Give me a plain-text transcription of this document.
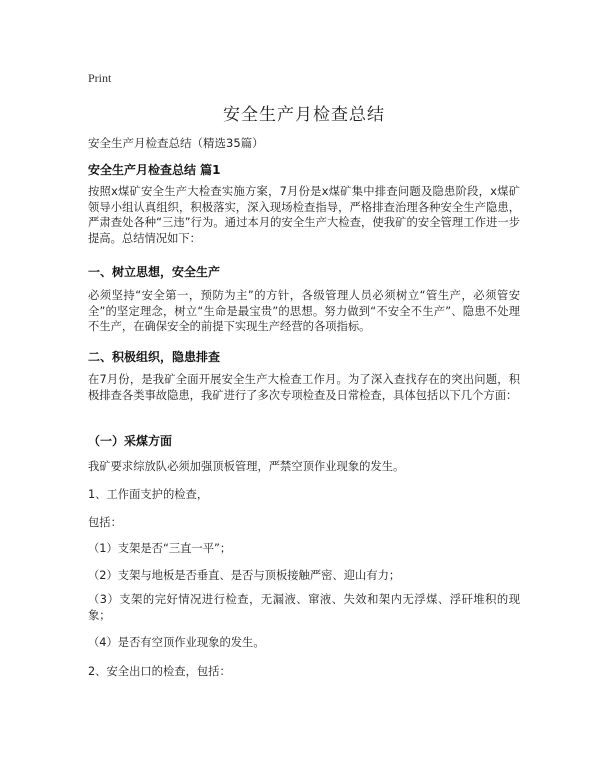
Print
安全生产月检查总结
安全生产月检查总结（精选35篇）
安全生产月检查总结 篇1
按照x煤矿安全生产大检查实施方案，7月份是x煤矿集中排查问题及隐患阶段，x煤矿领导小组认真组织，积极落实，深入现场检查指导，严格排查治理各种安全生产隐患，严肃查处各种“三违”行为。通过本月的安全生产大检查，使我矿的安全管理工作进一步提高。总结情况如下：
一、树立思想，安全生产
必须坚持“安全第一，预防为主”的方针，各级管理人员必须树立“管生产，必须管安全”的坚定理念，树立“生命是最宝贵”的思想。努力做到“不安全不生产”、隐患不处理不生产，在确保安全的前提下实现生产经营的各项指标。
二、积极组织，隐患排查
在7月份，是我矿全面开展安全生产大检查工作月。为了深入查找存在的突出问题，积极排查各类事故隐患，我矿进行了多次专项检查及日常检查，具体包括以下几个方面：
（一）采煤方面
我矿要求综放队必须加强顶板管理，严禁空顶作业现象的发生。
1、工作面支护的检查，
包括：
（1）支架是否“三直一平”；
（2）支架与地板是否垂直、是否与顶板接触严密、迎山有力；
（3）支架的完好情况进行检查，无漏液、窜液、失效和架内无浮煤、浮矸堆积的现象；
（4）是否有空顶作业现象的发生。
2、安全出口的检查，包括：
